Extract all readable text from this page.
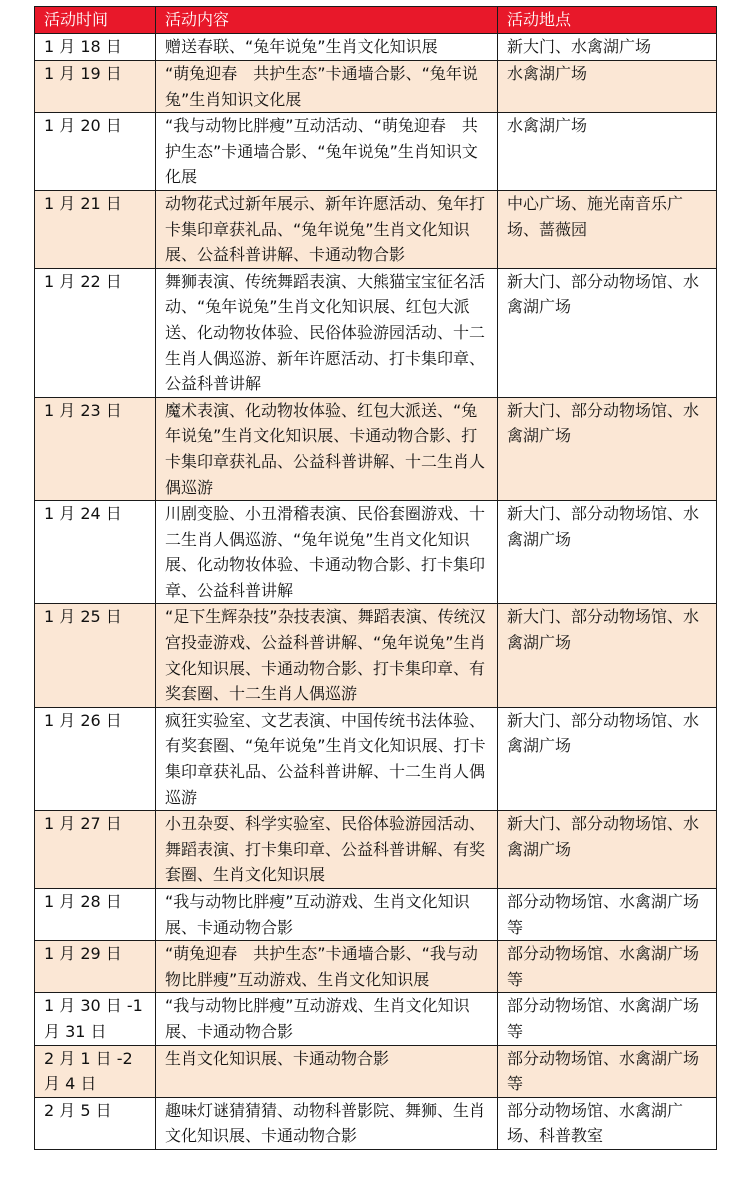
活动时间	活动内容	活动地点
1 月 18 日	赠送春联、“兔年说兔”生肖文化知识展	新大门、水禽湖广场
1 月 19 日	“萌兔迎春　共护生态”卡通墙合影、“兔年说兔”生肖知识文化展	水禽湖广场
1 月 20 日	“我与动物比胖瘦”互动活动、“萌兔迎春　共护生态”卡通墙合影、“兔年说兔”生肖知识文化展	水禽湖广场
1 月 21 日	动物花式过新年展示、新年许愿活动、兔年打卡集印章获礼品、“兔年说兔”生肖文化知识展、公益科普讲解、卡通动物合影	中心广场、施光南音乐广场、蔷薇园
1 月 22 日	舞狮表演、传统舞蹈表演、大熊猫宝宝征名活动、“兔年说兔”生肖文化知识展、红包大派送、化动物妆体验、民俗体验游园活动、十二生肖人偶巡游、新年许愿活动、打卡集印章、公益科普讲解	新大门、部分动物场馆、水禽湖广场
1 月 23 日	魔术表演、化动物妆体验、红包大派送、“兔年说兔”生肖文化知识展、卡通动物合影、打卡集印章获礼品、公益科普讲解、十二生肖人偶巡游	新大门、部分动物场馆、水禽湖广场
1 月 24 日	川剧变脸、小丑滑稽表演、民俗套圈游戏、十二生肖人偶巡游、“兔年说兔”生肖文化知识展、化动物妆体验、卡通动物合影、打卡集印章、公益科普讲解	新大门、部分动物场馆、水禽湖广场
1 月 25 日	“足下生辉杂技”杂技表演、舞蹈表演、传统汉宫投壶游戏、公益科普讲解、“兔年说兔”生肖文化知识展、卡通动物合影、打卡集印章、有奖套圈、十二生肖人偶巡游	新大门、部分动物场馆、水禽湖广场
1 月 26 日	疯狂实验室、文艺表演、中国传统书法体验、有奖套圈、“兔年说兔”生肖文化知识展、打卡集印章获礼品、公益科普讲解、十二生肖人偶巡游	新大门、部分动物场馆、水禽湖广场
1 月 27 日	小丑杂耍、科学实验室、民俗体验游园活动、舞蹈表演、打卡集印章、公益科普讲解、有奖套圈、生肖文化知识展	新大门、部分动物场馆、水禽湖广场
1 月 28 日	“我与动物比胖瘦”互动游戏、生肖文化知识展、卡通动物合影	部分动物场馆、水禽湖广场等
1 月 29 日	“萌兔迎春　共护生态”卡通墙合影、“我与动物比胖瘦”互动游戏、生肖文化知识展	部分动物场馆、水禽湖广场等
1 月 30 日 -1 月 31 日	“我与动物比胖瘦”互动游戏、生肖文化知识展、卡通动物合影	部分动物场馆、水禽湖广场等
2 月 1 日 -2 月 4 日	生肖文化知识展、卡通动物合影	部分动物场馆、水禽湖广场等
2 月 5 日	趣味灯谜猜猜猜、动物科普影院、舞狮、生肖文化知识展、卡通动物合影	部分动物场馆、水禽湖广场、科普教室
